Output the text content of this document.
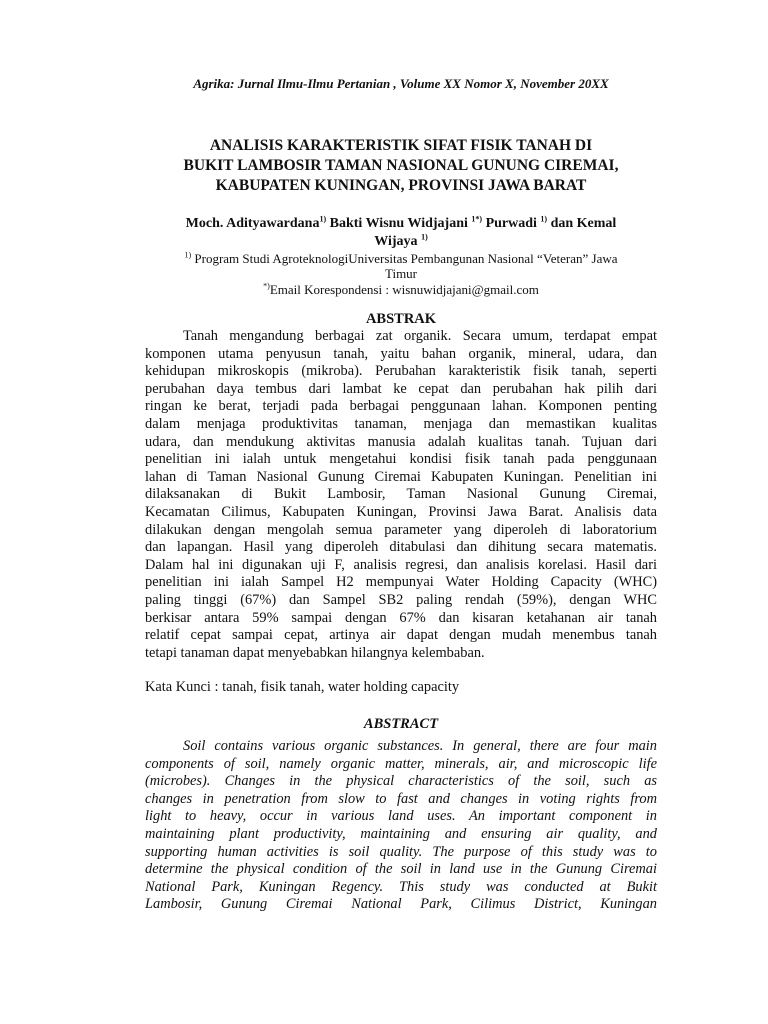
Agrika: Jurnal Ilmu-Ilmu Pertanian , Volume XX Nomor X, November 20XX
ANALISIS KARAKTERISTIK SIFAT FISIK TANAH DI
BUKIT LAMBOSIR TAMAN NASIONAL GUNUNG CIREMAI,
KABUPATEN KUNINGAN, PROVINSI JAWA BARAT
Moch. Adityawardana$^{1)}$ Bakti Wisnu Widjajani $^{1*)}$ Purwadi $^{1)}$ dan Kemal
Wijaya $^{1)}$
$^{1)}$ Program Studi AgroteknologiUniversitas Pembangunan Nasional “Veteran” Jawa
Timur
*)Email Korespondensi : wisnuwidjajani@gmail.com
ABSTRAK
Tanah mengandung berbagai zat organik. Secara umum, terdapat empat
komponen utama penyusun tanah, yaitu bahan organik, mineral, udara, dan
kehidupan mikroskopis (mikroba). Perubahan karakteristik fisik tanah, seperti
perubahan daya tembus dari lambat ke cepat dan perubahan hak pilih dari
ringan ke berat, terjadi pada berbagai penggunaan lahan. Komponen penting
dalam menjaga produktivitas tanaman, menjaga dan memastikan kualitas
udara, dan mendukung aktivitas manusia adalah kualitas tanah. Tujuan dari
penelitian ini ialah untuk mengetahui kondisi fisik tanah pada penggunaan
lahan di Taman Nasional Gunung Ciremai Kabupaten Kuningan. Penelitian ini
dilaksanakan di Bukit Lambosir, Taman Nasional Gunung Ciremai,
Kecamatan Cilimus, Kabupaten Kuningan, Provinsi Jawa Barat. Analisis data
dilakukan dengan mengolah semua parameter yang diperoleh di laboratorium
dan lapangan. Hasil yang diperoleh ditabulasi dan dihitung secara matematis.
Dalam hal ini digunakan uji F, analisis regresi, dan analisis korelasi. Hasil dari
penelitian ini ialah Sampel H2 mempunyai Water Holding Capacity (WHC)
paling tinggi (67%) dan Sampel SB2 paling rendah (59%), dengan WHC
berkisar antara 59% sampai dengan 67% dan kisaran ketahanan air tanah
relatif cepat sampai cepat, artinya air dapat dengan mudah menembus tanah
tetapi tanaman dapat menyebabkan hilangnya kelembaban.
Kata Kunci : tanah, fisik tanah, water holding capacity
ABSTRACT
Soil contains various organic substances. In general, there are four main
components of soil, namely organic matter, minerals, air, and microscopic life
(microbes). Changes in the physical characteristics of the soil, such as
changes in penetration from slow to fast and changes in voting rights from
light to heavy, occur in various land uses. An important component in
maintaining plant productivity, maintaining and ensuring air quality, and
supporting human activities is soil quality. The purpose of this study was to
determine the physical condition of the soil in land use in the Gunung Ciremai
National Park, Kuningan Regency. This study was conducted at Bukit
Lambosir, Gunung Ciremai National Park, Cilimus District, Kuningan
